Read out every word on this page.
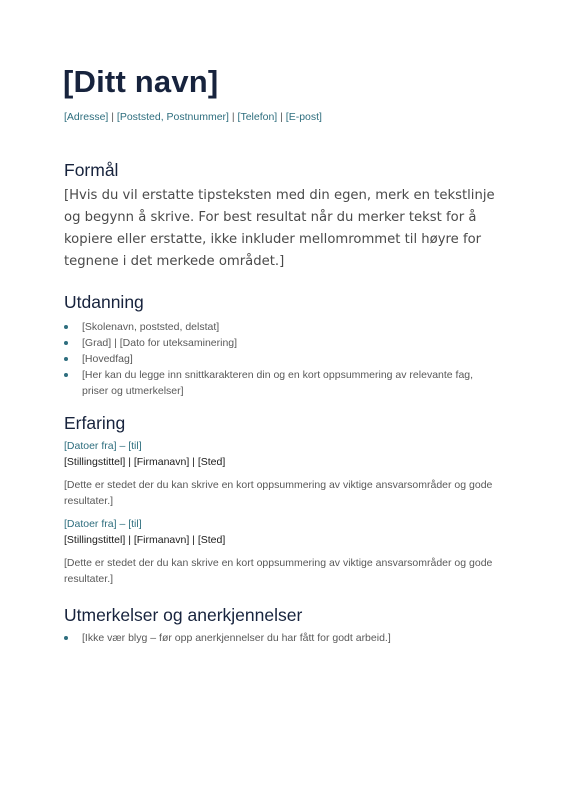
[Ditt navn]
[Adresse] | [Poststed, Postnummer] | [Telefon] | [E-post]
Formål

[Hvis du vil erstatte tipsteksten med din egen, merk en tekstlinje og begynn å skrive. For best resultat når du merker tekst for å kopiere eller erstatte, ikke inkluder mellomrommet til høyre for tegnene i det merkede området.]

Utdanning
[Skolenavn, poststed, delstat]
[Grad] | [Dato for uteksaminering]
[Hovedfag]
[Her kan du legge inn snittkarakteren din og en kort oppsummering av relevante fag, priser og utmerkelser]
Erfaring

[Datoer fra] – [til]

[Stillingstittel] | [Firmanavn] | [Sted]

[Dette er stedet der du kan skrive en kort oppsummering av viktige ansvarsområder og gode resultater.]

[Datoer fra] – [til]

[Stillingstittel] | [Firmanavn] | [Sted]

[Dette er stedet der du kan skrive en kort oppsummering av viktige ansvarsområder og gode resultater.]

Utmerkelser og anerkjennelser
[Ikke vær blyg – før opp anerkjennelser du har fått for godt arbeid.]
